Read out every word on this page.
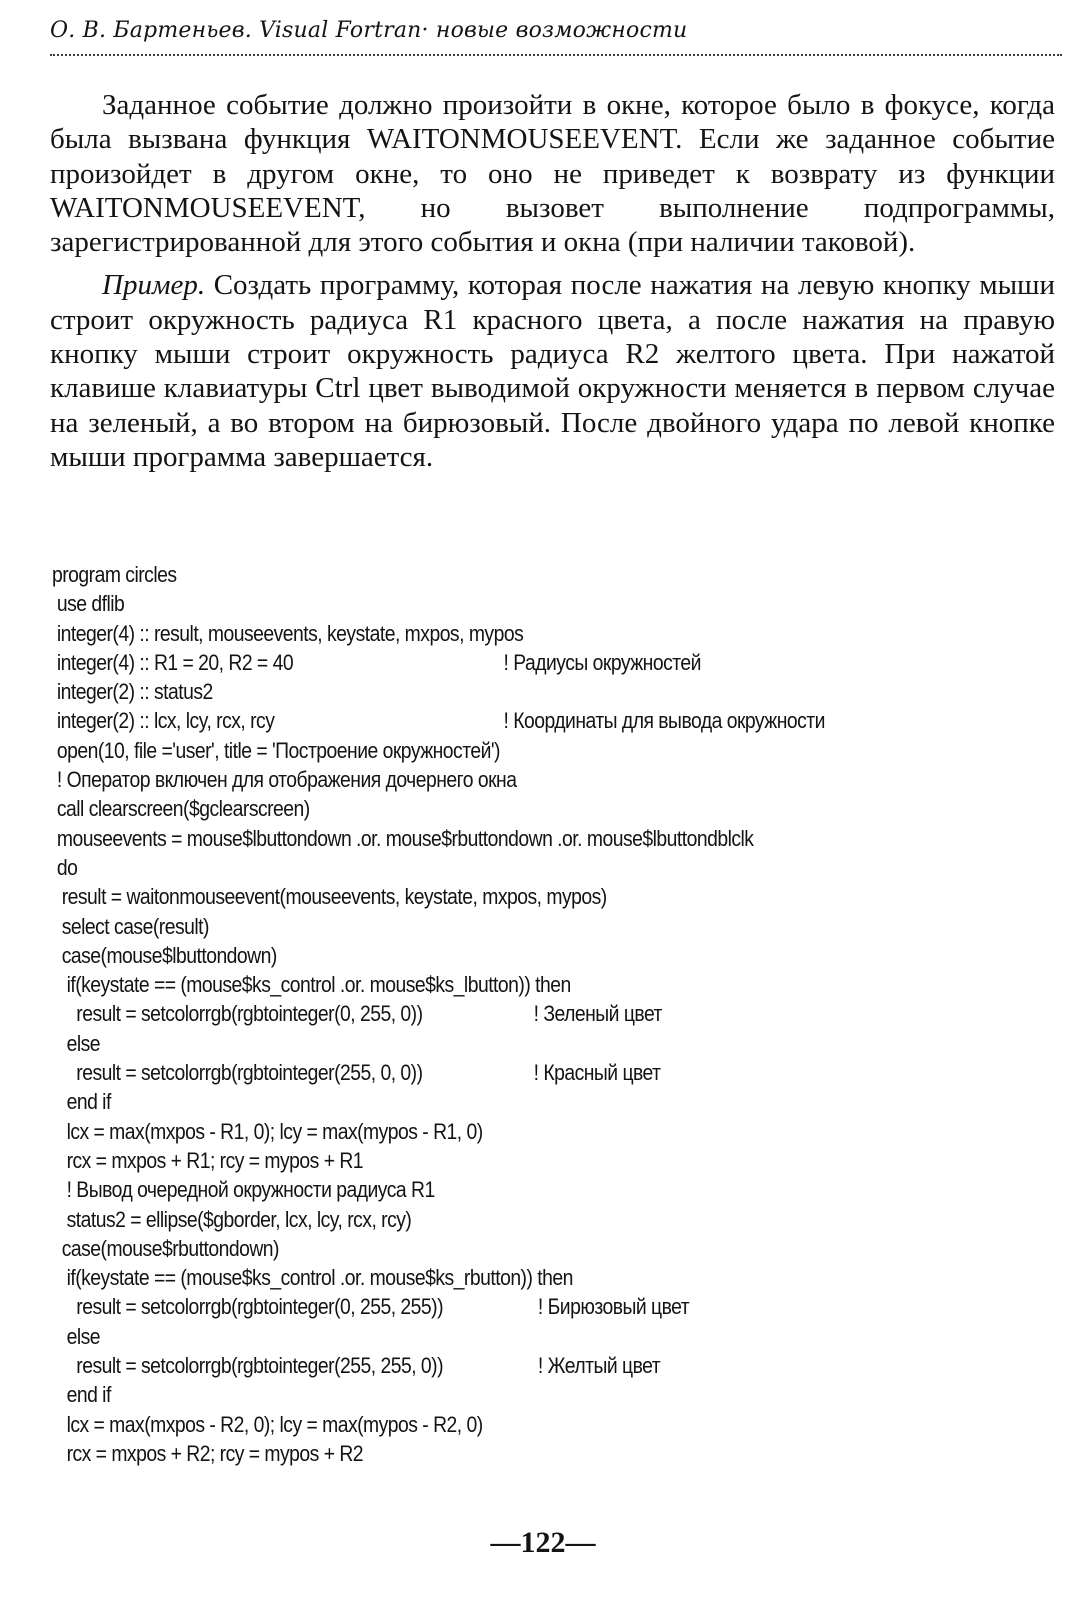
О. В. Бартеньев. Visual Fortran· новые возможности

Заданное событие должно произойти в окне, которое было в фокусе, когда была вызвана функция WAITONMOUSEEVENT. Если же заданное событие произойдет в другом окне, то оно не приведет к возврату из функции WAITONMOUSEEVENT, но вызовет выполнение подпрограммы, зарегистрированной для этого события и окна (при наличии таковой).

Пример. Создать программу, которая после нажатия на левую кнопку мыши строит окружность радиуса R1 красного цвета, а после нажатия на правую кнопку мыши строит окружность радиуса R2 желтого цвета. При нажатой клавише клавиатуры Ctrl цвет выводимой окружности меняется в первом случае на зеленый, а во втором на бирюзовый. После двойного удара по левой кнопке мыши программа завершается.

program circles
use dflib
integer(4) :: result, mouseevents, keystate, mxpos, mypos
integer(4) :: R1 = 20, R2 = 40	! Радиусы окружностей
integer(2) :: status2
integer(2) :: lcx, lcy, rcx, rcy	! Координаты для вывода окружности
open(10, file ='user', title = 'Построение окружностей')
! Оператор включен для отображения дочернего окна
call clearscreen($gclearscreen)
mouseevents = mouse$lbuttondown .or. mouse$rbuttondown .or. mouse$lbuttondblclk
do
result = waitonmouseevent(mouseevents, keystate, mxpos, mypos)
select case(result)
case(mouse$lbuttondown)
if(keystate == (mouse$ks_control .or. mouse$ks_lbutton)) then
result = setcolorrgb(rgbtointeger(0, 255, 0))	! Зеленый цвет
else
result = setcolorrgb(rgbtointeger(255, 0, 0))	! Красный цвет
end if
lcx = max(mxpos - R1, 0); lcy = max(mypos - R1, 0)
rcx = mxpos + R1; rcy = mypos + R1
! Вывод очередной окружности радиуса R1
status2 = ellipse($gborder, lcx, lcy, rcx, rcy)
case(mouse$rbuttondown)
if(keystate == (mouse$ks_control .or. mouse$ks_rbutton)) then
result = setcolorrgb(rgbtointeger(0, 255, 255))	! Бирюзовый цвет
else
result = setcolorrgb(rgbtointeger(255, 255, 0))	! Желтый цвет
end if
lcx = max(mxpos - R2, 0); lcy = max(mypos - R2, 0)
rcx = mxpos + R2; rcy = mypos + R2
—122—
